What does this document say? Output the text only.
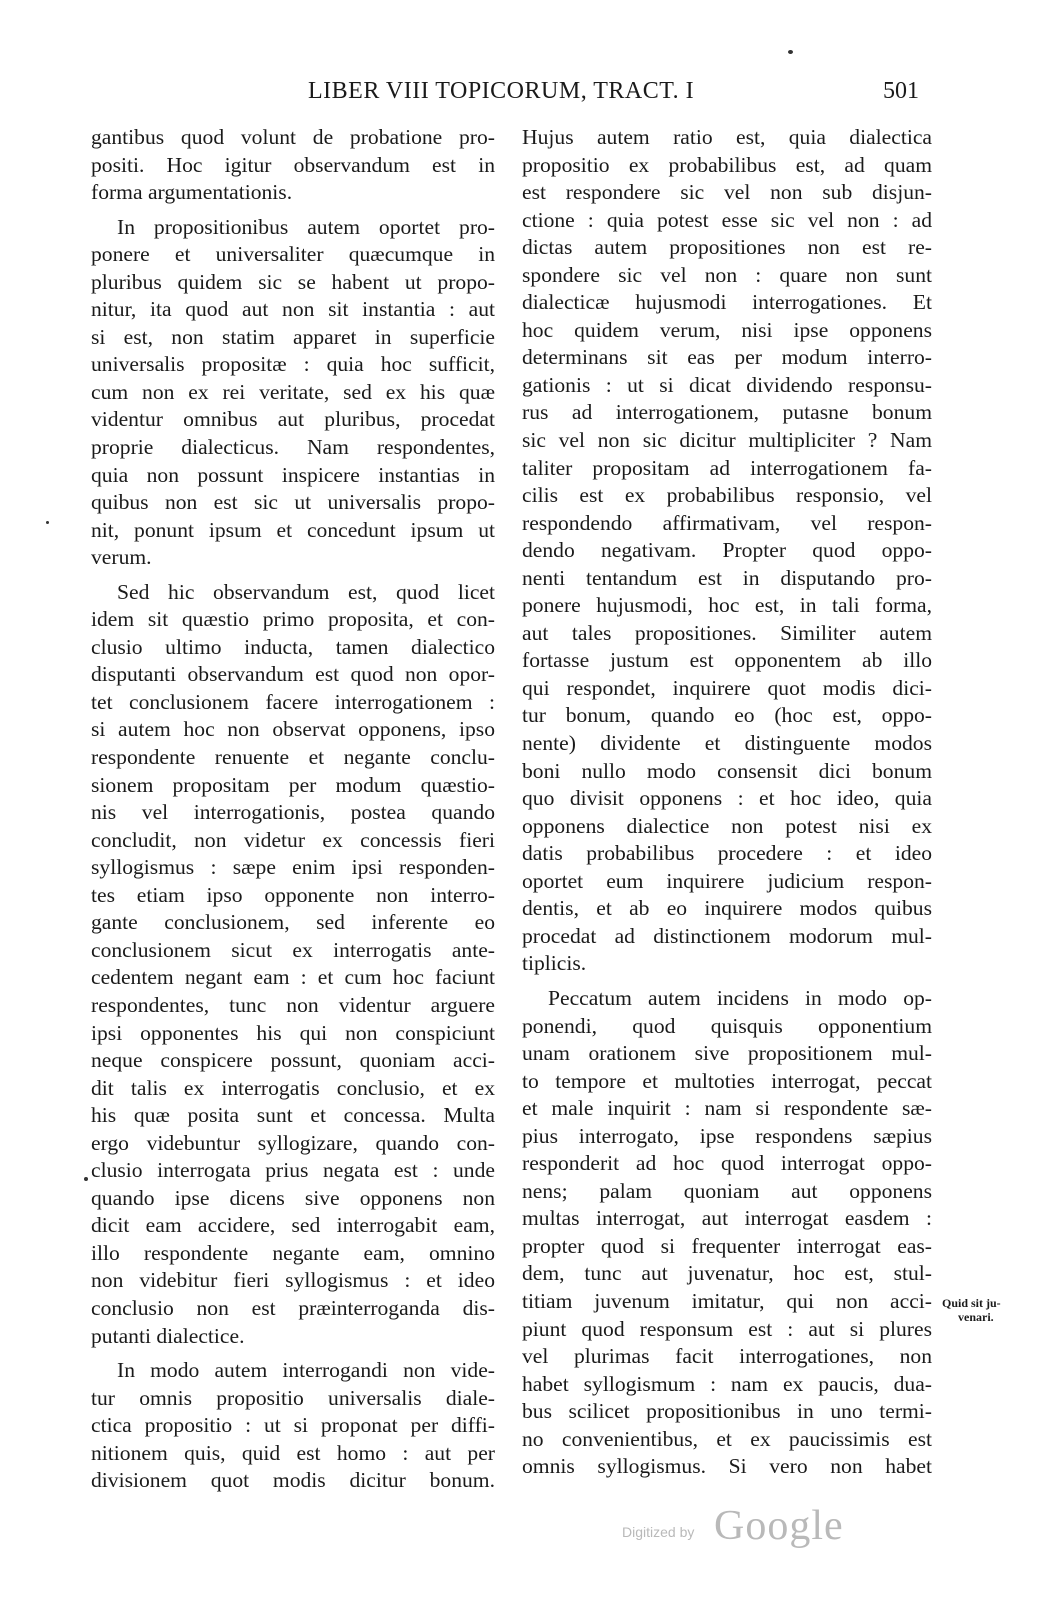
LIBER VIII TOPICORUM, TRACT. I	501
gantibus quod volunt de probatione pro-
positi. Hoc igitur observandum est in
forma argumentationis.
In propositionibus autem oportet pro-
ponere et universaliter quæcumque in
pluribus quidem sic se habent ut propo-
nitur, ita quod aut non sit instantia : aut
si est, non statim apparet in superficie
universalis propositæ : quia hoc sufficit,
cum non ex rei veritate, sed ex his quæ
videntur omnibus aut pluribus, procedat
proprie dialecticus. Nam respondentes,
quia non possunt inspicere instantias in
quibus non est sic ut universalis propo-
nit, ponunt ipsum et concedunt ipsum ut
verum.
Sed hic observandum est, quod licet
idem sit quæstio primo proposita, et con-
clusio ultimo inducta, tamen dialectico
disputanti observandum est quod non opor-
tet conclusionem facere interrogationem :
si autem hoc non observat opponens, ipso
respondente renuente et negante conclu-
sionem propositam per modum quæstio-
nis vel interrogationis, postea quando
concludit, non videtur ex concessis fieri
syllogismus : sæpe enim ipsi responden-
tes etiam ipso opponente non interro-
gante conclusionem, sed inferente eo
conclusionem sicut ex interrogatis ante-
cedentem negant eam : et cum hoc faciunt
respondentes, tunc non videntur arguere
ipsi opponentes his qui non conspiciunt
neque conspicere possunt, quoniam acci-
dit talis ex interrogatis conclusio, et ex
his quæ posita sunt et concessa. Multa
ergo videbuntur syllogizare, quando con-
clusio interrogata prius negata est : unde
quando ipse dicens sive opponens non
dicit eam accidere, sed interrogabit eam,
illo respondente negante eam, omnino
non videbitur fieri syllogismus : et ideo
conclusio non est præinterroganda dis-
putanti dialectice.
In modo autem interrogandi non vide-
tur omnis propositio universalis diale-
ctica propositio : ut si proponat per diffi-
nitionem quis, quid est homo : aut per
divisionem quot modis dicitur bonum.
Hujus autem ratio est, quia dialectica
propositio ex probabilibus est, ad quam
est respondere sic vel non sub disjun-
ctione : quia potest esse sic vel non : ad
dictas autem propositiones non est re-
spondere sic vel non : quare non sunt
dialecticæ hujusmodi interrogationes. Et
hoc quidem verum, nisi ipse opponens
determinans sit eas per modum interro-
gationis : ut si dicat dividendo responsu-
rus ad interrogationem, putasne bonum
sic vel non sic dicitur multipliciter ? Nam
taliter propositam ad interrogationem fa-
cilis est ex probabilibus responsio, vel
respondendo affirmativam, vel respon-
dendo negativam. Propter quod oppo-
nenti tentandum est in disputando pro-
ponere hujusmodi, hoc est, in tali forma,
aut tales propositiones. Similiter autem
fortasse justum est opponentem ab illo
qui respondet, inquirere quot modis dici-
tur bonum, quando eo (hoc est, oppo-
nente) dividente et distinguente modos
boni nullo modo consensit dici bonum
quo divisit opponens : et hoc ideo, quia
opponens dialectice non potest nisi ex
datis probabilibus procedere : et ideo
oportet eum inquirere judicium respon-
dentis, et ab eo inquirere modos quibus
procedat ad distinctionem modorum mul-
tiplicis.
Peccatum autem incidens in modo op-
ponendi, quod quisquis opponentium
unam orationem sive propositionem mul-
to tempore et multoties interrogat, peccat
et male inquirit : nam si respondente sæ-
pius interrogato, ipse respondens sæpius
responderit ad hoc quod interrogat oppo-
nens; palam quoniam aut opponens
multas interrogat, aut interrogat easdem :
propter quod si frequenter interrogat eas-
dem, tunc aut juvenatur, hoc est, stul-
titiam juvenum imitatur, qui non acci-
piunt quod responsum est : aut si plures
vel plurimas facit interrogationes, non
habet syllogismum : nam ex paucis, dua-
bus scilicet propositionibus in uno termi-
no convenientibus, et ex paucissimis est
omnis syllogismus. Si vero non habet
Quid sit ju-
venari.
Digitized by Google
